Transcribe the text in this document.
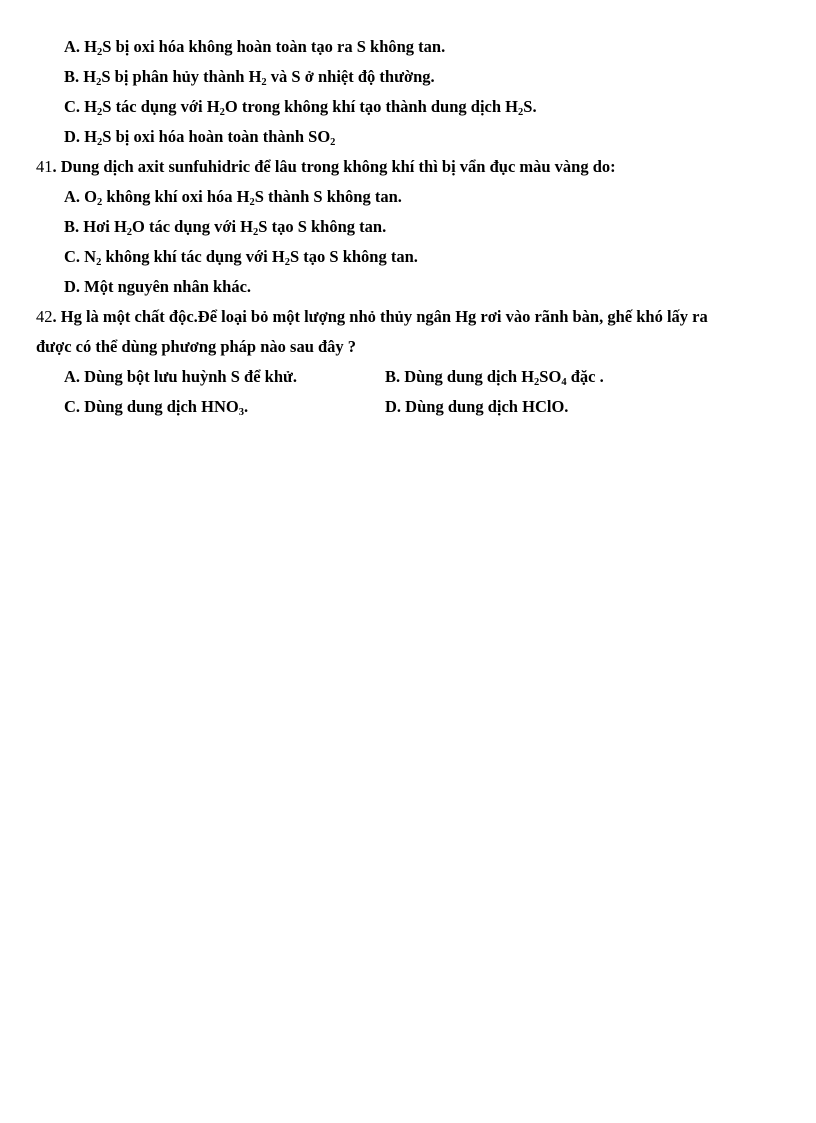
A. $H_2S$ bị oxi hóa không hoàn toàn tạo ra S không tan.
B. $H_2S$ bị phân hủy thành $H_2$ và S ở nhiệt độ thường.
C. $H_2S$ tác dụng với $H_2O$ trong không khí tạo thành dung dịch $H_2S$.
D. $H_2S$ bị oxi hóa hoàn toàn thành $SO_2$
41. Dung dịch axit sunfuhidric để lâu trong không khí thì bị vẩn đục màu vàng do:
A. $O_2$ không khí oxi hóa $H_2S$ thành S không tan.
B. Hơi $H_2O$ tác dụng với $H_2S$ tạo S không tan.
C. $N_2$ không khí tác dụng với $H_2S$ tạo S không tan.
D. Một nguyên nhân khác.
42. Hg là một chất độc.Để loại bỏ một lượng nhỏ thủy ngân Hg rơi vào rãnh bàn, ghế khó lấy ra
được có thể dùng phương pháp nào sau đây ?
A. Dùng bột lưu huỳnh S để khử.	B. Dùng dung dịch $H_2SO_4$ đặc .
C. Dùng dung dịch $HNO_3$.	D. Dùng dung dịch HClO.
